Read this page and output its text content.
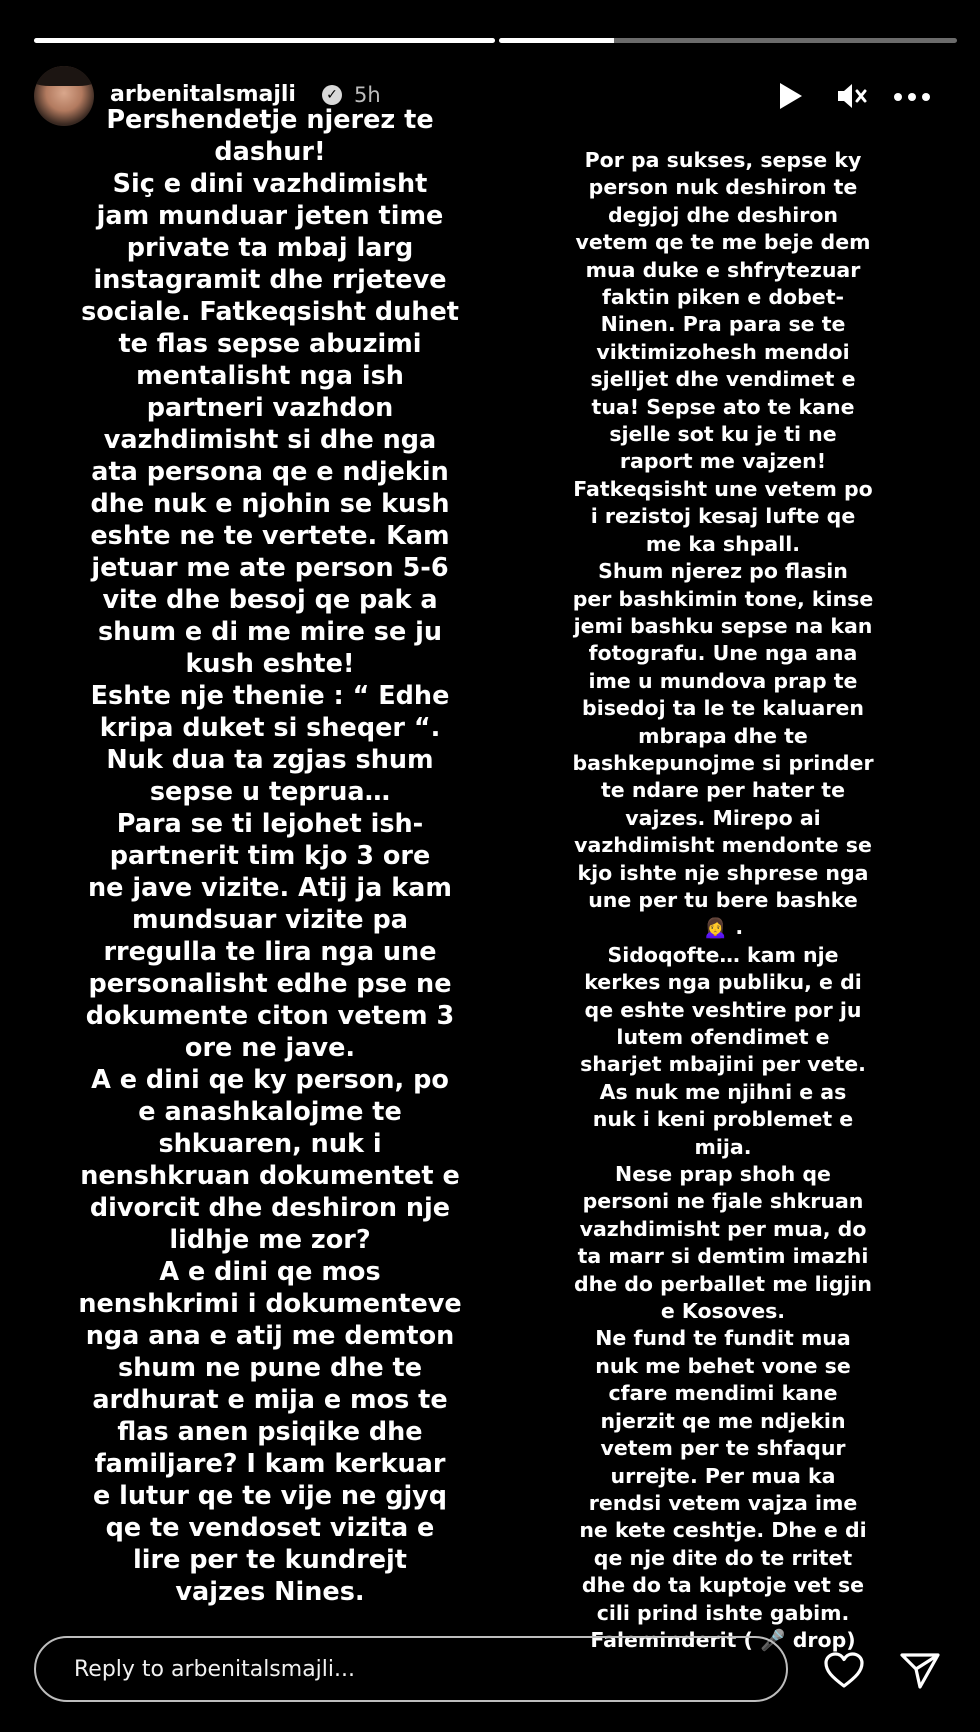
arbenitalsmajli ✓ 5h
Pershendetje njerez te
dashur!
Siç e dini vazhdimisht
jam munduar jeten time
private ta mbaj larg
instagramit dhe rrjeteve
sociale. Fatkeqsisht duhet
te flas sepse abuzimi
mentalisht nga ish
partneri vazhdon
vazhdimisht si dhe nga
ata persona qe e ndjekin
dhe nuk e njohin se kush
eshte ne te vertete. Kam
jetuar me ate person 5-6
vite dhe besoj qe pak a
shum e di me mire se ju
kush eshte!
Eshte nje thenie : “ Edhe
kripa duket si sheqer “.
Nuk dua ta zgjas shum
sepse u teprua…
Para se ti lejohet ish-
partnerit tim kjo 3 ore
ne jave vizite. Atij ja kam
mundsuar vizite pa
rregulla te lira nga une
personalisht edhe pse ne
dokumente citon vetem 3
ore ne jave.
A e dini qe ky person, po
e anashkalojme te
shkuaren, nuk i
nenshkruan dokumentet e
divorcit dhe deshiron nje
lidhje me zor?
A e dini qe mos
nenshkrimi i dokumenteve
nga ana e atij me demton
shum ne pune dhe te
ardhurat e mija e mos te
flas anen psiqike dhe
familjare? I kam kerkuar
e lutur qe te vije ne gjyq
qe te vendoset vizita e
lire per te kundrejt
vajzes Nines.
Por pa sukses, sepse ky
person nuk deshiron te
degjoj dhe deshiron
vetem qe te me beje dem
mua duke e shfrytezuar
faktin piken e dobet-
Ninen. Pra para se te
viktimizohesh mendoi
sjelljet dhe vendimet e
tua! Sepse ato te kane
sjelle sot ku je ti ne
raport me vajzen!
Fatkeqsisht une vetem po
i rezistoj kesaj lufte qe
me ka shpall.
Shum njerez po flasin
per bashkimin tone, kinse
jemi bashku sepse na kan
fotografu. Une nga ana
ime u mundova prap te
bisedoj ta le te kaluaren
mbrapa dhe te
bashkepunojme si prinder
te ndare per hater te
vajzes. Mirepo ai
vazhdimisht mendonte se
kjo ishte nje shprese nga
une per tu bere bashke
🙍‍♀️ .
Sidoqofte… kam nje
kerkes nga publiku, e di
qe eshte veshtire por ju
lutem ofendimet e
sharjet mbajini per vete.
As nuk me njihni e as
nuk i keni problemet e
mija.
Nese prap shoh qe
personi ne fjale shkruan
vazhdimisht per mua, do
ta marr si demtim imazhi
dhe do perballet me ligjin
e Kosoves.
Ne fund te fundit mua
nuk me behet vone se
cfare mendimi kane
njerzit qe me ndjekin
vetem per te shfaqur
urrejte. Per mua ka
rendsi vetem vajza ime
ne kete ceshtje. Dhe e di
qe nje dite do te rritet
dhe do ta kuptoje vet se
cili prind ishte gabim.
Faleminderit ( 🎤 drop)
Reply to arbenitalsmajli...
